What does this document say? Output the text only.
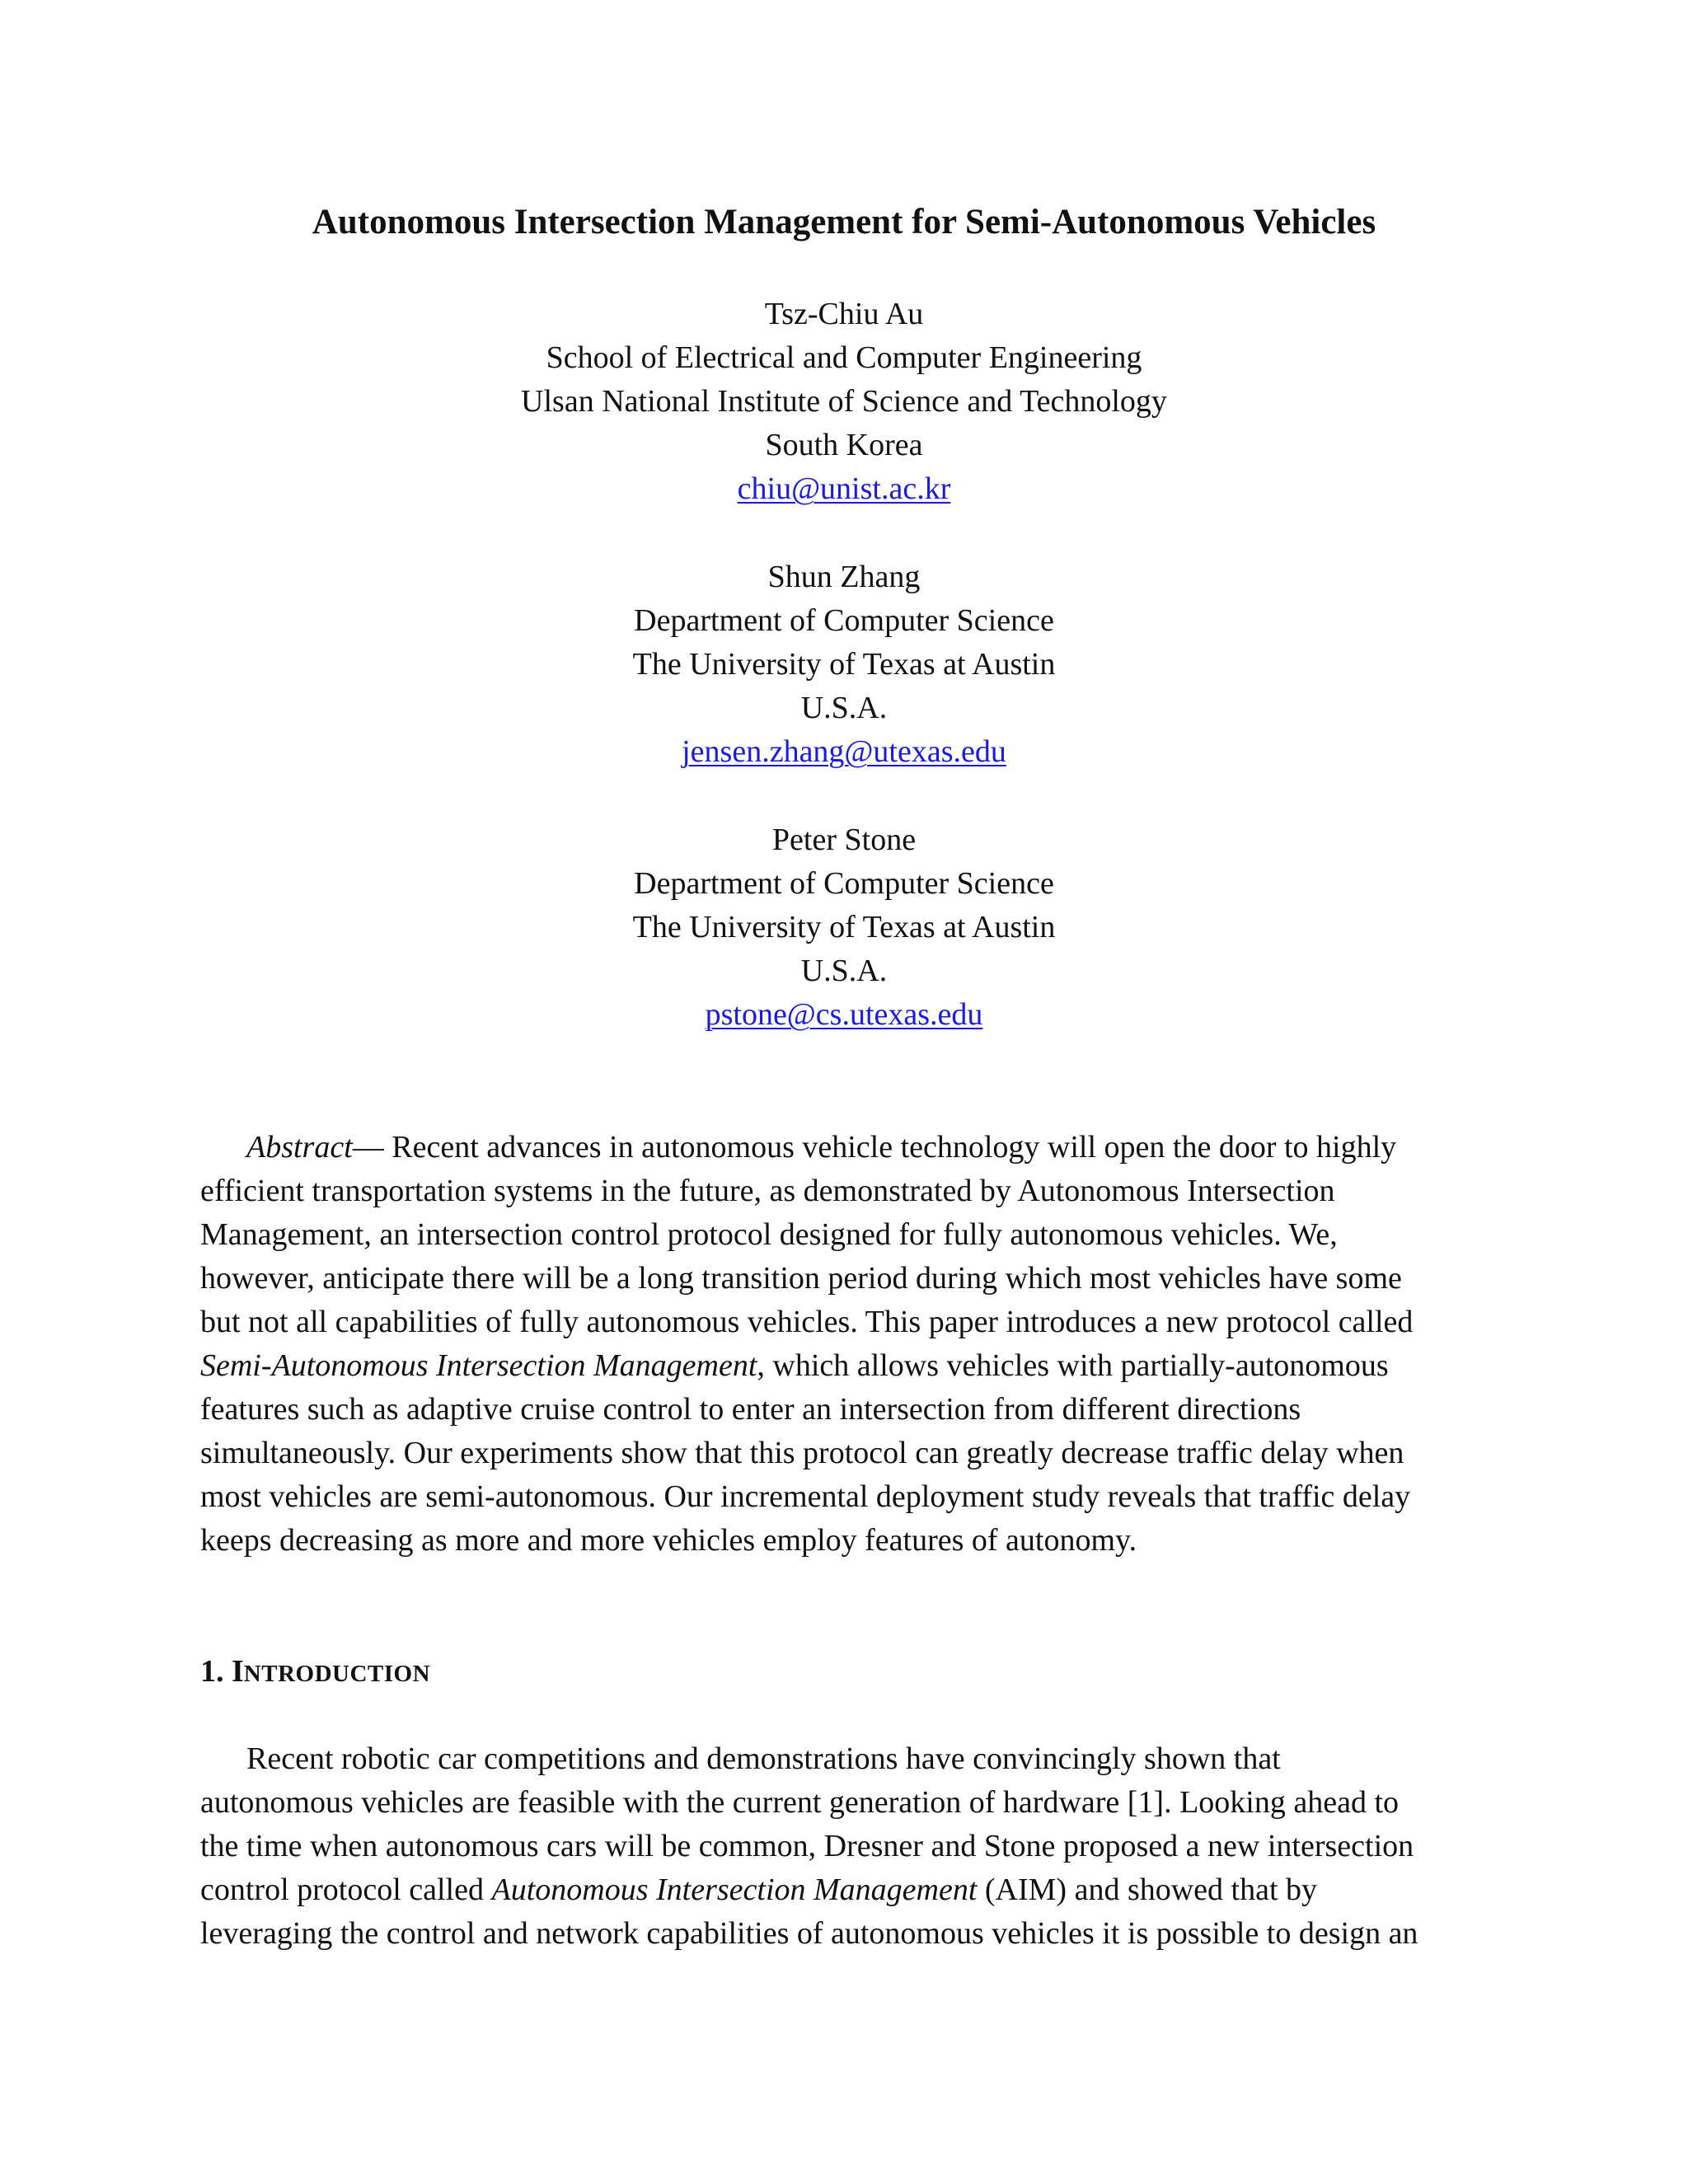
Autonomous Intersection Management for Semi-Autonomous Vehicles
Tsz-Chiu Au
School of Electrical and Computer Engineering
Ulsan National Institute of Science and Technology
South Korea
chiu@unist.ac.kr
Shun Zhang
Department of Computer Science
The University of Texas at Austin
U.S.A.
jensen.zhang@utexas.edu
Peter Stone
Department of Computer Science
The University of Texas at Austin
U.S.A.
pstone@cs.utexas.edu
Abstract— Recent advances in autonomous vehicle technology will open the door to highly
efficient transportation systems in the future, as demonstrated by Autonomous Intersection
Management, an intersection control protocol designed for fully autonomous vehicles. We,
however, anticipate there will be a long transition period during which most vehicles have some
but not all capabilities of fully autonomous vehicles. This paper introduces a new protocol called
Semi-Autonomous Intersection Management, which allows vehicles with partially-autonomous
features such as adaptive cruise control to enter an intersection from different directions
simultaneously. Our experiments show that this protocol can greatly decrease traffic delay when
most vehicles are semi-autonomous. Our incremental deployment study reveals that traffic delay
keeps decreasing as more and more vehicles employ features of autonomy.
1. INTRODUCTION
Recent robotic car competitions and demonstrations have convincingly shown that
autonomous vehicles are feasible with the current generation of hardware [1]. Looking ahead to
the time when autonomous cars will be common, Dresner and Stone proposed a new intersection
control protocol called Autonomous Intersection Management (AIM) and showed that by
leveraging the control and network capabilities of autonomous vehicles it is possible to design an
